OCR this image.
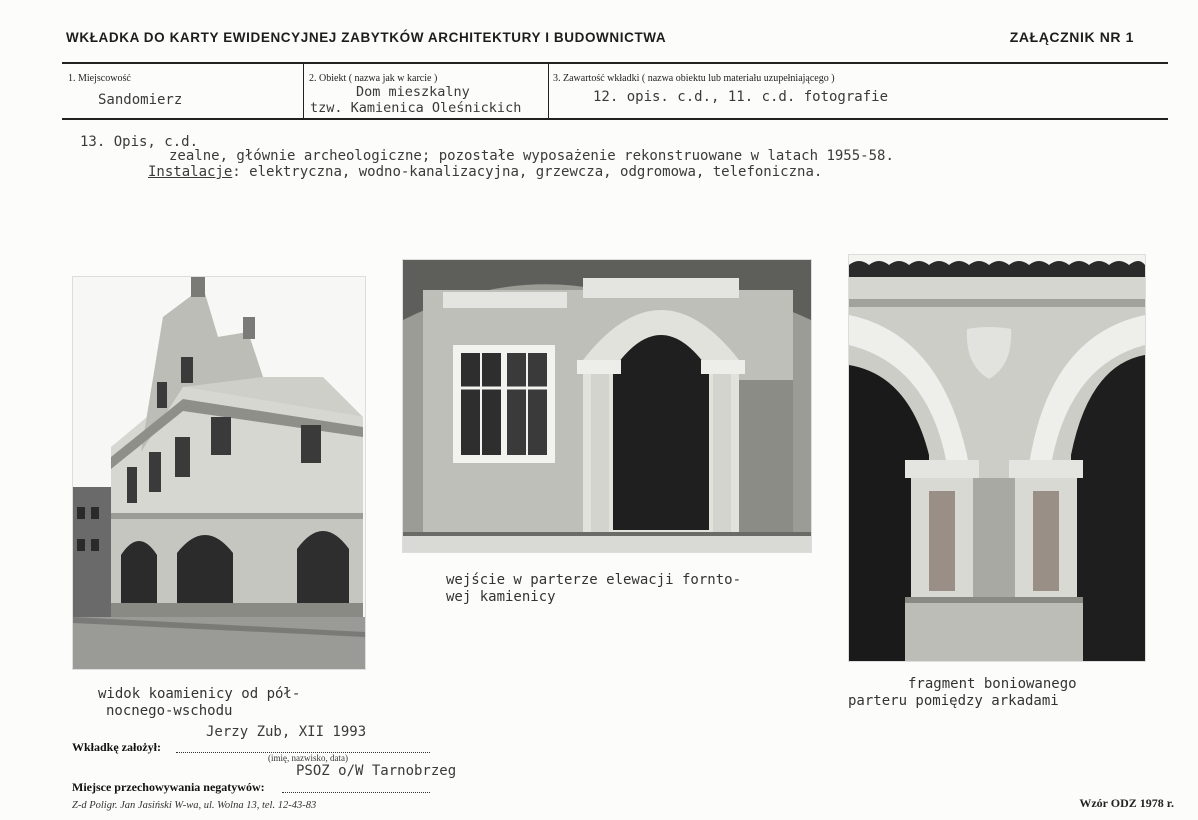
WKŁADKA DO KARTY EWIDENCYJNEJ ZABYTKÓW ARCHITEKTURY I BUDOWNICTWA	ZAŁĄCZNIK NR 1
1. Miejscowość
Sandomierz
2. Obiekt ( nazwa jak w karcie )
Dom mieszkalny
tzw. Kamienica Oleśnickich
3. Zawartość wkładki ( nazwa obiektu lub materiału uzupełniającego )
12. opis. c.d., 11. c.d. fotografie
13. Opis, c.d.
zealne, głównie archeologiczne; pozostałe wyposażenie rekonstruowane w latach 1955-58.
Instalacje: elektryczna, wodno-kanalizacyjna, grzewcza, odgromowa, telefoniczna.
widok koamienicy od pół-
nocnego-wschodu
wejście w parterze elewacji forntо-
wej kamienicy
fragment boniowanego
parteru pomiędzy arkadami
Jerzy Zub, XII 1993
Wkładkę założył:
(imię, nazwisko, data)
PSOZ o/W Tarnobrzeg
Miejsce przechowywania negatywów:
Z-d Poligr. Jan Jasiński W-wa, ul. Wolna 13, tel. 12-43-83	Wzór ODZ 1978 r.
